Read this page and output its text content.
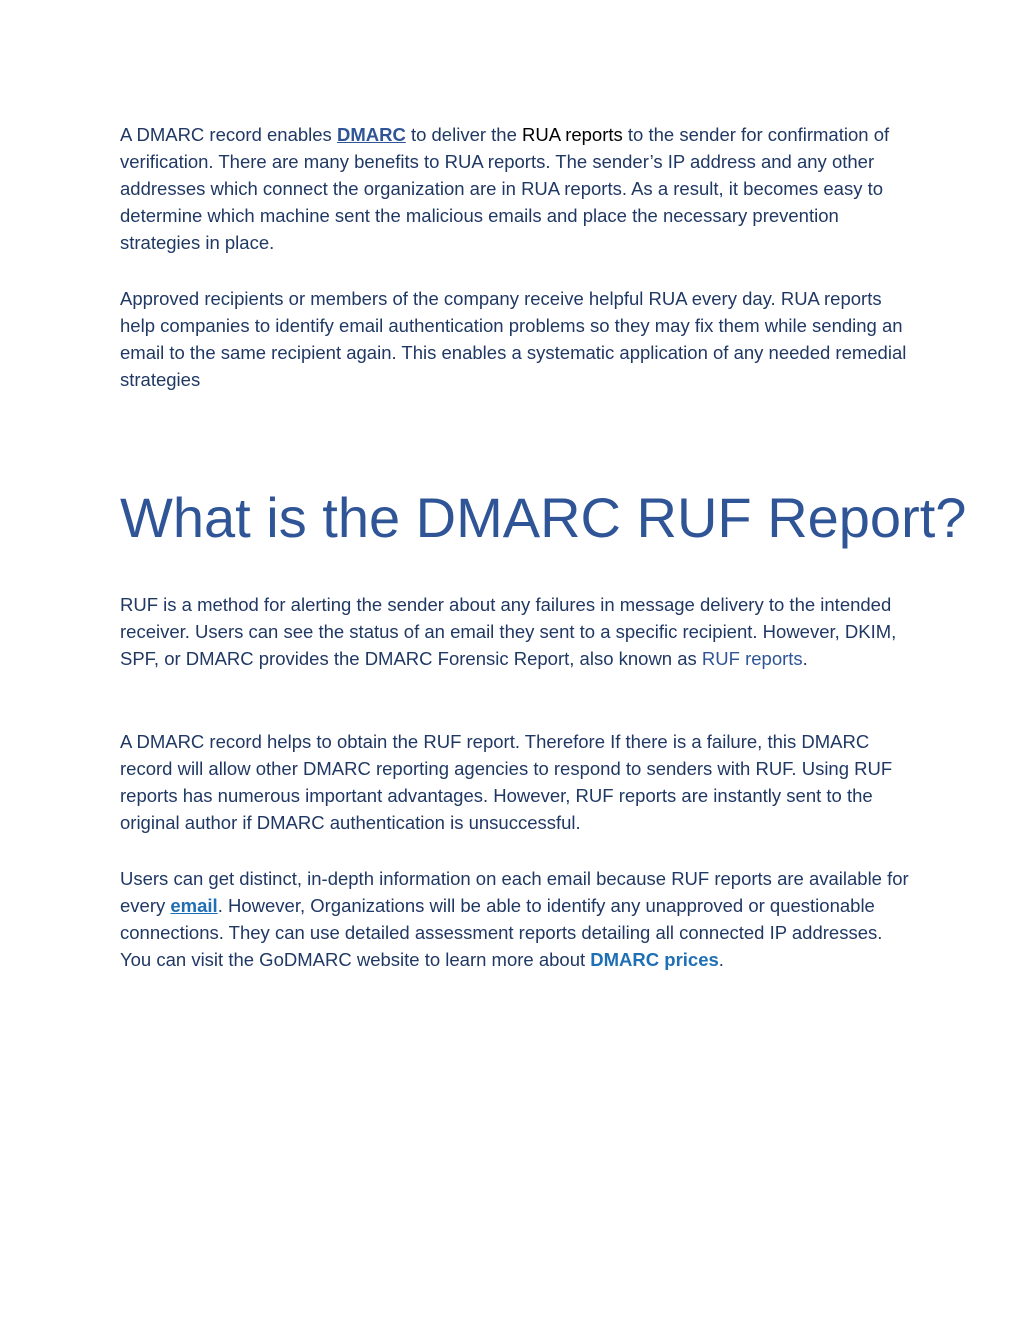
A DMARC record enables DMARC to deliver the RUA reports to the sender for confirmation of verification. There are many benefits to RUA reports. The sender’s IP address and any other addresses which connect the organization are in RUA reports. As a result, it becomes easy to determine which machine sent the malicious emails and place the necessary prevention strategies in place.

Approved recipients or members of the company receive helpful RUA every day. RUA reports help companies to identify email authentication problems so they may fix them while sending an email to the same recipient again. This enables a systematic application of any needed remedial strategies

What is the DMARC RUF Report?

RUF is a method for alerting the sender about any failures in message delivery to the intended receiver. Users can see the status of an email they sent to a specific recipient. However, DKIM, SPF, or DMARC provides the DMARC Forensic Report, also known as RUF reports.

A DMARC record helps to obtain the RUF report. Therefore If there is a failure, this DMARC record will allow other DMARC reporting agencies to respond to senders with RUF. Using RUF reports has numerous important advantages. However, RUF reports are instantly sent to the original author if DMARC authentication is unsuccessful.

Users can get distinct, in-depth information on each email because RUF reports are available for every email. However, Organizations will be able to identify any unapproved or questionable connections. They can use detailed assessment reports detailing all connected IP addresses. You can visit the GoDMARC website to learn more about DMARC prices.
